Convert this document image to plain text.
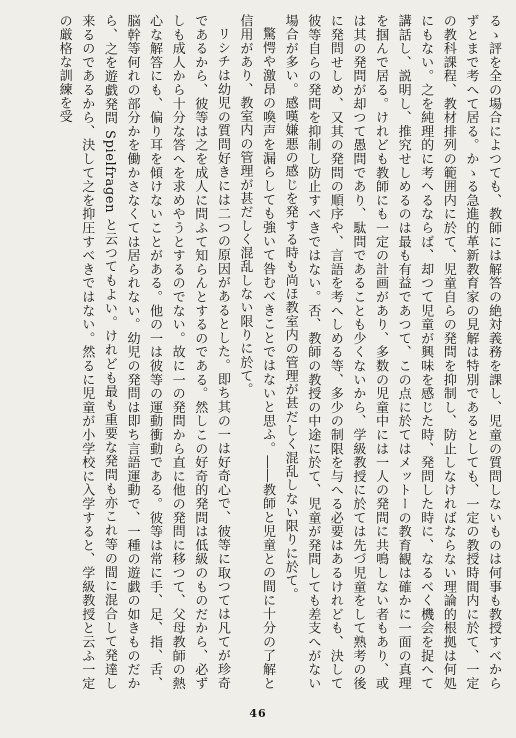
るゝ評を全の場合によつても、教師には解答の絶対義務を課し、児童の質問しないものは何事も教授すべからずとまで考へて居る。かゝる急進的革新教育家の見解は特別であるとしても、一定の教授時間内に於て、一定の教科課程、教材排列の範囲内に於て、児童自らの発問を抑制し、防止しなければならない理論的根拠は何処にもない。之を純理的に考へるならば、却つて児童が興味を感じた時、発問した時に、なるべく機会を捉へて講話し、説明し、推究せしめるのは最も有益であつて、この点に於てはメットーの教育観は確かに一面の真理を掴んで居る。けれども教師にも一定の計画があり、多数の児童中には一人の発問に共鳴しない者もあり、或は其の発問が却つて愚問であり、駄問であることも少くないから、学級教授に於ては先づ児童をして熟考の後に発問せしめ、又其の発問の順序や、言語を考へしめる等、多少の制限を与へる必要はあるけれども、決して彼等自らの発問を抑制し防止すべきではない。否、教師の教授の中途に於て、児童が発問しても差支へがない場合が多い。感嘆嫌悪の感じを発する時も尚ほ教室内の管理が甚だしく混乱しない限りに於て。

驚愕や激昂の喚声を漏らしても強いて咎むべきことではないと思ふ。――教師と児童との間に十分の了解と信用があり、教室内の管理が甚だしく混乱しない限りに於て。

リシチは幼児の質問好きには二つの原因があるとした。即ち其の一は好奇心で、彼等に取つては凡てが珍奇であるから、彼等は之を成人に問ふて知らんとするのである。然しこの好奇的発問は低級のものだから、必ずしも成人から十分な答へを求めやうとするのでない。故に一の発問から直に他の発問に移つて、父母教師の熱心な解答にも、偏り耳を傾けないことがある。他の一は彼等の運動衝動である。彼等は常に手、足、指、舌、脳幹等何れの部分かを働かさなくては居られない。幼児の発問は即ち言語運動で、一種の遊戯の如きものだから、之を遊戯発問 Spielfragen と云つてもよい。けれども最も重要な発問も亦これ等の間に混合して発達し来るのであるから、決して之を抑圧すべきではない。然るに児童が小学校に入学すると、学級教授と云ふ一定の厳格な訓練を受

46
